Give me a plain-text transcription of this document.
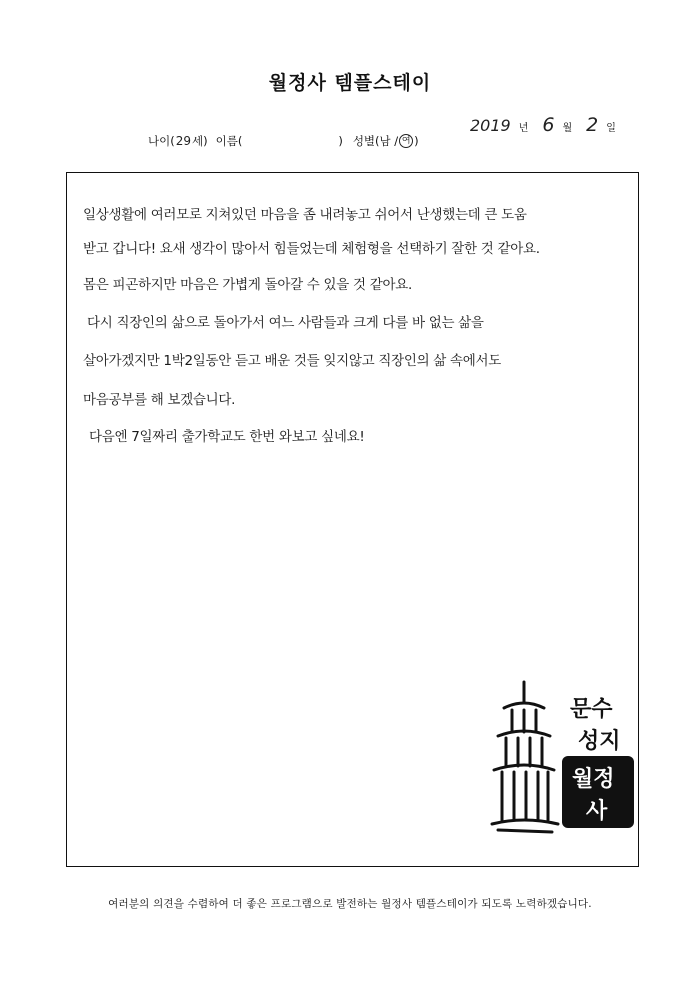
월정사 템플스테이
나이( 29 세) 이름(	) 성별(남 / 여 )
2019 년 6 월 2 일
일상생활에 여러모로 지쳐있던 마음을 좀 내려놓고 쉬어서 난생했는데 큰 도움
받고 갑니다! 요새 생각이 많아서 힘들었는데 체험형을 선택하기 잘한 것 같아요.
몸은 피곤하지만 마음은 가볍게 돌아갈 수 있을 것 같아요.
다시 직장인의 삶으로 돌아가서 여느 사람들과 크게 다를 바 없는 삶을
살아가겠지만 1박2일동안 듣고 배운 것들 잊지않고 직장인의 삶 속에서도
마음공부를 해 보겠습니다.
다음엔 7일짜리 출가학교도 한번 와보고 싶네요!
문수
성지
월정
사
여러분의 의견을 수렴하여 더 좋은 프로그램으로 발전하는 월정사 템플스테이가 되도록 노력하겠습니다.
